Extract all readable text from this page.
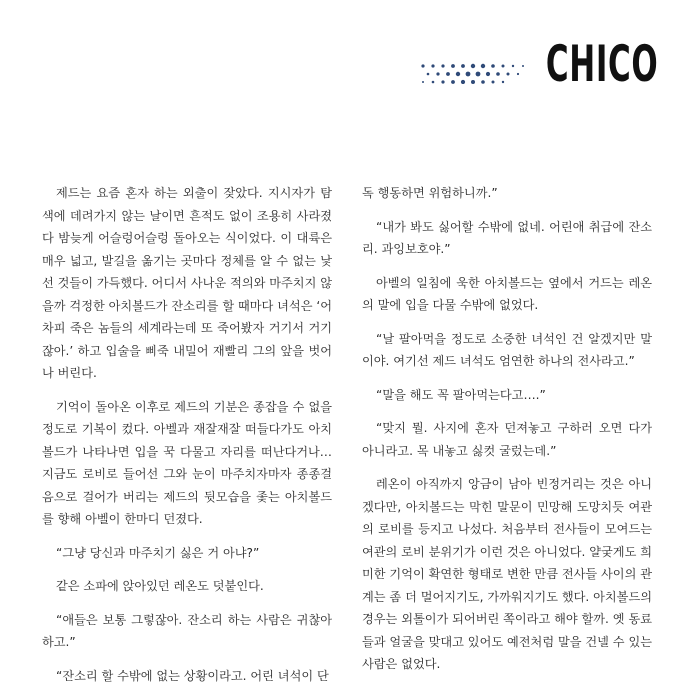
CHICO

제드는 요즘 혼자 하는 외출이 잦았다. 지시자가 탐색에 데려가지 않는 날이면 흔적도 없이 조용히 사라졌다 밤늦게 어슬렁어슬렁 돌아오는 식이었다. 이 대륙은 매우 넓고, 발길을 옮기는 곳마다 정체를 알 수 없는 낯선 것들이 가득했다. 어디서 사나운 적의와 마주치지 않을까 걱정한 아치볼드가 잔소리를 할 때마다 녀석은 ‘어차피 죽은 놈들의 세계라는데 또 죽어봤자 거기서 거기잖아.’ 하고 입술을 삐죽 내밀어 재빨리 그의 앞을 벗어나 버린다.

기억이 돌아온 이후로 제드의 기분은 종잡을 수 없을 정도로 기복이 컸다. 아벨과 재잘재잘 떠들다가도 아치볼드가 나타나면 입을 꾹 다물고 자리를 떠난다거나… 지금도 로비로 들어선 그와 눈이 마주치자마자 종종걸음으로 걸어가 버리는 제드의 뒷모습을 좇는 아치볼드를 향해 아벨이 한마디 던졌다.

“그냥 당신과 마주치기 싫은 거 아냐?”

같은 소파에 앉아있던 레온도 덧붙인다.

“애들은 보통 그렇잖아. 잔소리 하는 사람은 귀찮아하고.”

“잔소리 할 수밖에 없는 상황이라고. 어린 녀석이 단

독 행동하면 위험하니까.”

“내가 봐도 싫어할 수밖에 없네. 어린애 취급에 잔소리. 과잉보호야.”

아벨의 일침에 욱한 아치볼드는 옆에서 거드는 레온의 말에 입을 다물 수밖에 없었다.

“날 팔아먹을 정도로 소중한 녀석인 건 알겠지만 말이야. 여기선 제드 녀석도 엄연한 하나의 전사라고.”

“말을 해도 꼭 팔아먹는다고….”

“맞지 뭘. 사지에 혼자 던져놓고 구하러 오면 다가 아니라고. 목 내놓고 싫컷 굴렀는데.”

레온이 아직까지 앙금이 남아 빈정거리는 것은 아니겠다만, 아치볼드는 막힌 말문이 민망해 도망치듯 여관의 로비를 등지고 나섰다. 처음부터 전사들이 모여드는 여관의 로비 분위기가 이런 것은 아니었다. 얄궂게도 희미한 기억이 확연한 형태로 변한 만큼 전사들 사이의 관계는 좀 더 멀어지기도, 가까워지기도 했다. 아치볼드의 경우는 외톨이가 되어버린 쪽이라고 해야 할까. 옛 동료들과 얼굴을 맞대고 있어도 예전처럼 말을 건넬 수 있는 사람은 없었다.
